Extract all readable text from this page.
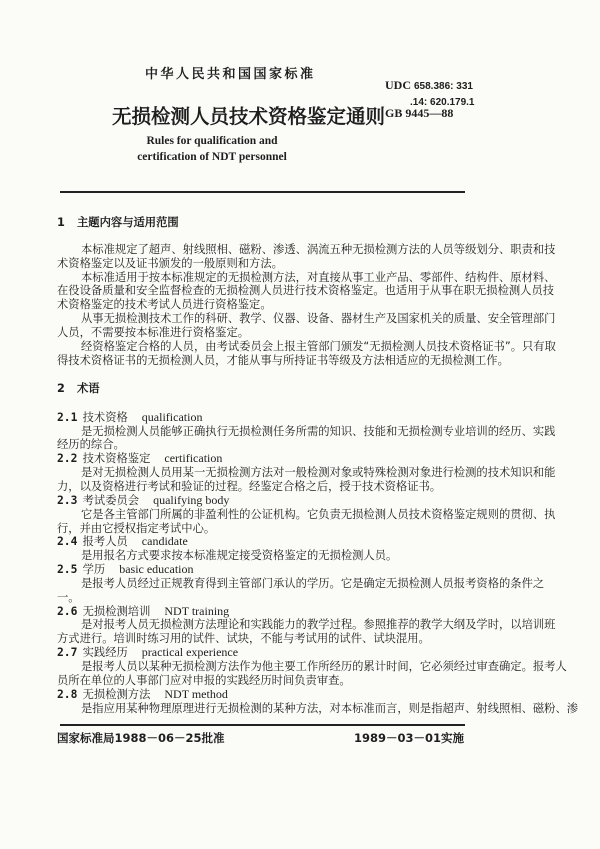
中华人民共和国国家标准
无损检测人员技术资格鉴定通则
Rules for qualification and
certification of NDT personnel
UDC 658.386: 331
.14: 620.179.1
GB 9445—88
1 主题内容与适用范围
本标准规定了超声、射线照相、磁粉、渗透、涡流五种无损检测方法的人员等级划分、职责和技
术资格鉴定以及证书颁发的一般原则和方法。
本标准适用于按本标准规定的无损检测方法，对直接从事工业产品、零部件、结构件、原材料、
在役设备质量和安全监督检查的无损检测人员进行技术资格鉴定。也适用于从事在职无损检测人员技
术资格鉴定的技术考试人员进行资格鉴定。
从事无损检测技术工作的科研、教学、仪器、设备、器材生产及国家机关的质量、安全管理部门
人员，不需要按本标准进行资格鉴定。
经资格鉴定合格的人员，由考试委员会上报主管部门颁发“无损检测人员技术资格证书”。只有取
得技术资格证书的无损检测人员，才能从事与所持证书等级及方法相适应的无损检测工作。
2 术语
2.1 技术资格 qualification
是无损检测人员能够正确执行无损检测任务所需的知识、技能和无损检测专业培训的经历、实践
经历的综合。
2.2 技术资格鉴定 certification
是对无损检测人员用某一无损检测方法对一般检测对象或特殊检测对象进行检测的技术知识和能
力，以及资格进行考试和验证的过程。经鉴定合格之后，授于技术资格证书。
2.3 考试委员会 qualifying body
它是各主管部门所属的非盈利性的公证机构。它负责无损检测人员技术资格鉴定规则的贯彻、执
行，并由它授权指定考试中心。
2.4 报考人员 candidate
是用报名方式要求按本标准规定接受资格鉴定的无损检测人员。
2.5 学历 basic education
是报考人员经过正规教育得到主管部门承认的学历。它是确定无损检测人员报考资格的条件之
一。
2.6 无损检测培训 NDT training
是对报考人员无损检测方法理论和实践能力的教学过程。参照推荐的教学大纲及学时，以培训班
方式进行。培训时练习用的试件、试块，不能与考试用的试件、试块混用。
2.7 实践经历 practical experience
是报考人员以某种无损检测方法作为他主要工作所经历的累计时间，它必须经过审查确定。报考人
员所在单位的人事部门应对申报的实践经历时间负责审查。
2.8 无损检测方法 NDT method
是指应用某种物理原理进行无损检测的某种方法，对本标准而言，则是指超声、射线照相、磁粉、渗
国家标准局1988－06－25批准	1989－03－01实施
